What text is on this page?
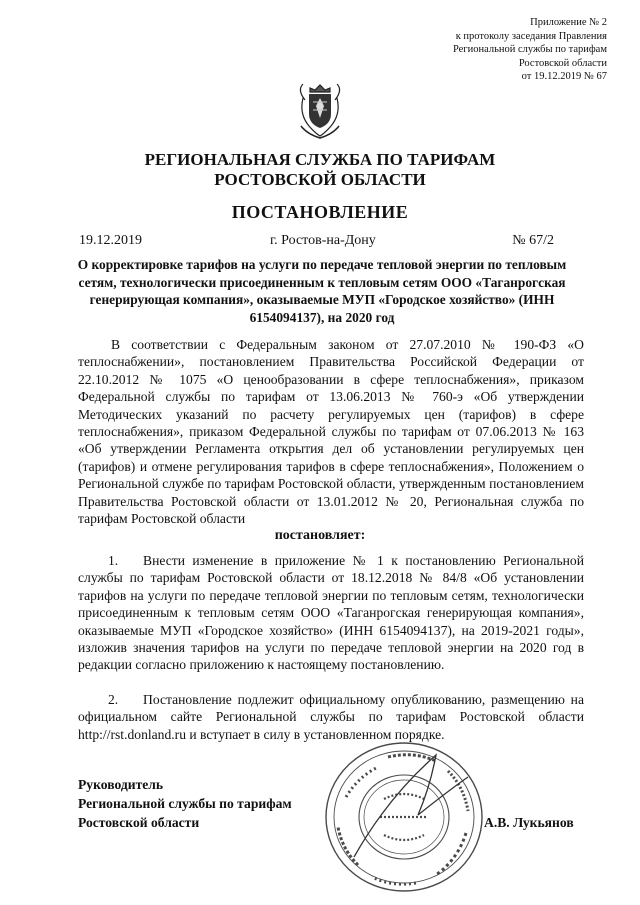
Приложение № 2
к протоколу заседания Правления
Региональной службы по тарифам
Ростовской области
от 19.12.2019 № 67
РЕГИОНАЛЬНАЯ СЛУЖБА ПО ТАРИФАМ
РОСТОВСКОЙ ОБЛАСТИ
ПОСТАНОВЛЕНИЕ
19.12.2019	г. Ростов-на-Дону	№ 67/2
О корректировке тарифов на услуги по передаче тепловой энергии по тепловым сетям, технологически присоединенным к тепловым сетям ООО «Таганрогская генерирующая компания», оказываемые МУП «Городское хозяйство» (ИНН 6154094137), на 2020 год
В соответствии с Федеральным законом от 27.07.2010 № 190-ФЗ «О теплоснабжении», постановлением Правительства Российской Федерации от 22.10.2012 № 1075 «О ценообразовании в сфере теплоснабжения», приказом Федеральной службы по тарифам от 13.06.2013 № 760-э «Об утверждении Методических указаний по расчету регулируемых цен (тарифов) в сфере теплоснабжения», приказом Федеральной службы по тарифам от 07.06.2013 № 163 «Об утверждении Регламента открытия дел об установлении регулируемых цен (тарифов) и отмене регулирования тарифов в сфере теплоснабжения», Положением о Региональной службе по тарифам Ростовской области, утвержденным постановлением Правительства Ростовской области от 13.01.2012 № 20, Региональная служба по тарифам Ростовской области
постановляет:
1. Внести изменение в приложение № 1 к постановлению Региональной службы по тарифам Ростовской области от 18.12.2018 № 84/8 «Об установлении тарифов на услуги по передаче тепловой энергии по тепловым сетям, технологически присоединенным к тепловым сетям ООО «Таганрогская генерирующая компания», оказываемые МУП «Городское хозяйство» (ИНН 6154094137), на 2019-2021 годы», изложив значения тарифов на услуги по передаче тепловой энергии на 2020 год в редакции согласно приложению к настоящему постановлению.
2. Постановление подлежит официальному опубликованию, размещению на официальном сайте Региональной службы по тарифам Ростовской области http://rst.donland.ru и вступает в силу в установленном порядке.
Руководитель
Региональной службы по тарифам
Ростовской области	А.В. Лукьянов
